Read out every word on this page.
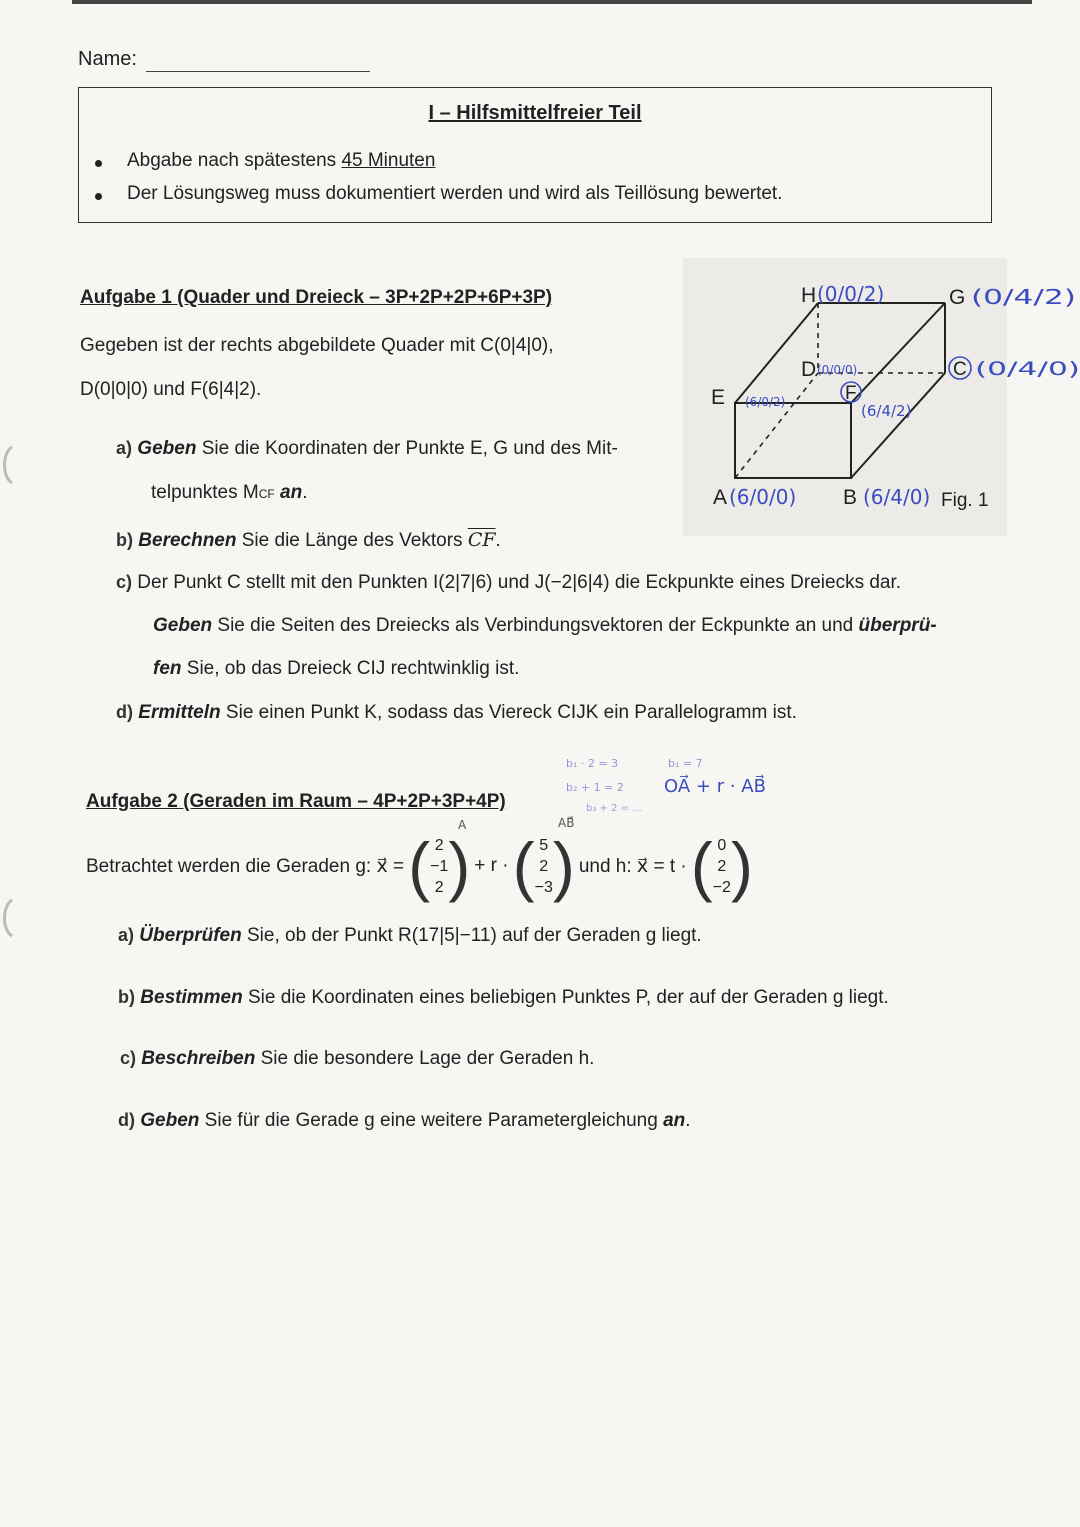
Name:
I – Hilfsmittelfreier Teil
Abgabe nach spätestens 45 Minuten
Der Lösungsweg muss dokumentiert werden und wird als Teillösung bewertet.
Aufgabe 1 (Quader und Dreieck – 3P+2P+2P+6P+3P)
Gegeben ist der rechts abgebildete Quader mit C(0|4|0),
D(0|0|0) und F(6|4|2).
a) Geben Sie die Koordinaten der Punkte E, G und des Mit-
telpunktes MCF an.
b) Berechnen Sie die Länge des Vektors $\overline{CF}$.
c) Der Punkt C stellt mit den Punkten I(2|7|6) und J(−2|6|4) die Eckpunkte eines Dreiecks dar.
Geben Sie die Seiten des Dreiecks als Verbindungsvektoren der Eckpunkte an und überprü-
fen Sie, ob das Dreieck CIJ rechtwinklig ist.
d) Ermitteln Sie einen Punkt K, sodass das Viereck CIJK ein Parallelogramm ist.
H (0/0/2)	G (0/4/2)
D (0/0/0)	C (0/4/0)
E (6/0/2)	F
(6/4/2)
A (6/0/0) B (6/4/0) Fig. 1
b₁ · 2 = 3
b₂ + 1 = 2
b₃ + 2 = ...
b₁ = 7
OA⃗ + r · AB⃗
AB⃗
A
Aufgabe 2 (Geraden im Raum – 4P+2P+3P+4P)
Betrachtet werden die Geraden g: x⃗ = ( 2
−1
2 ) + r · ( 5
2
−3 ) und h: x⃗ = t · ( 0
2
−2 )
a) Überprüfen Sie, ob der Punkt R(17|5|−11) auf der Geraden g liegt.
b) Bestimmen Sie die Koordinaten eines beliebigen Punktes P, der auf der Geraden g liegt.
c) Beschreiben Sie die besondere Lage der Geraden h.
d) Geben Sie für die Gerade g eine weitere Parametergleichung an.
